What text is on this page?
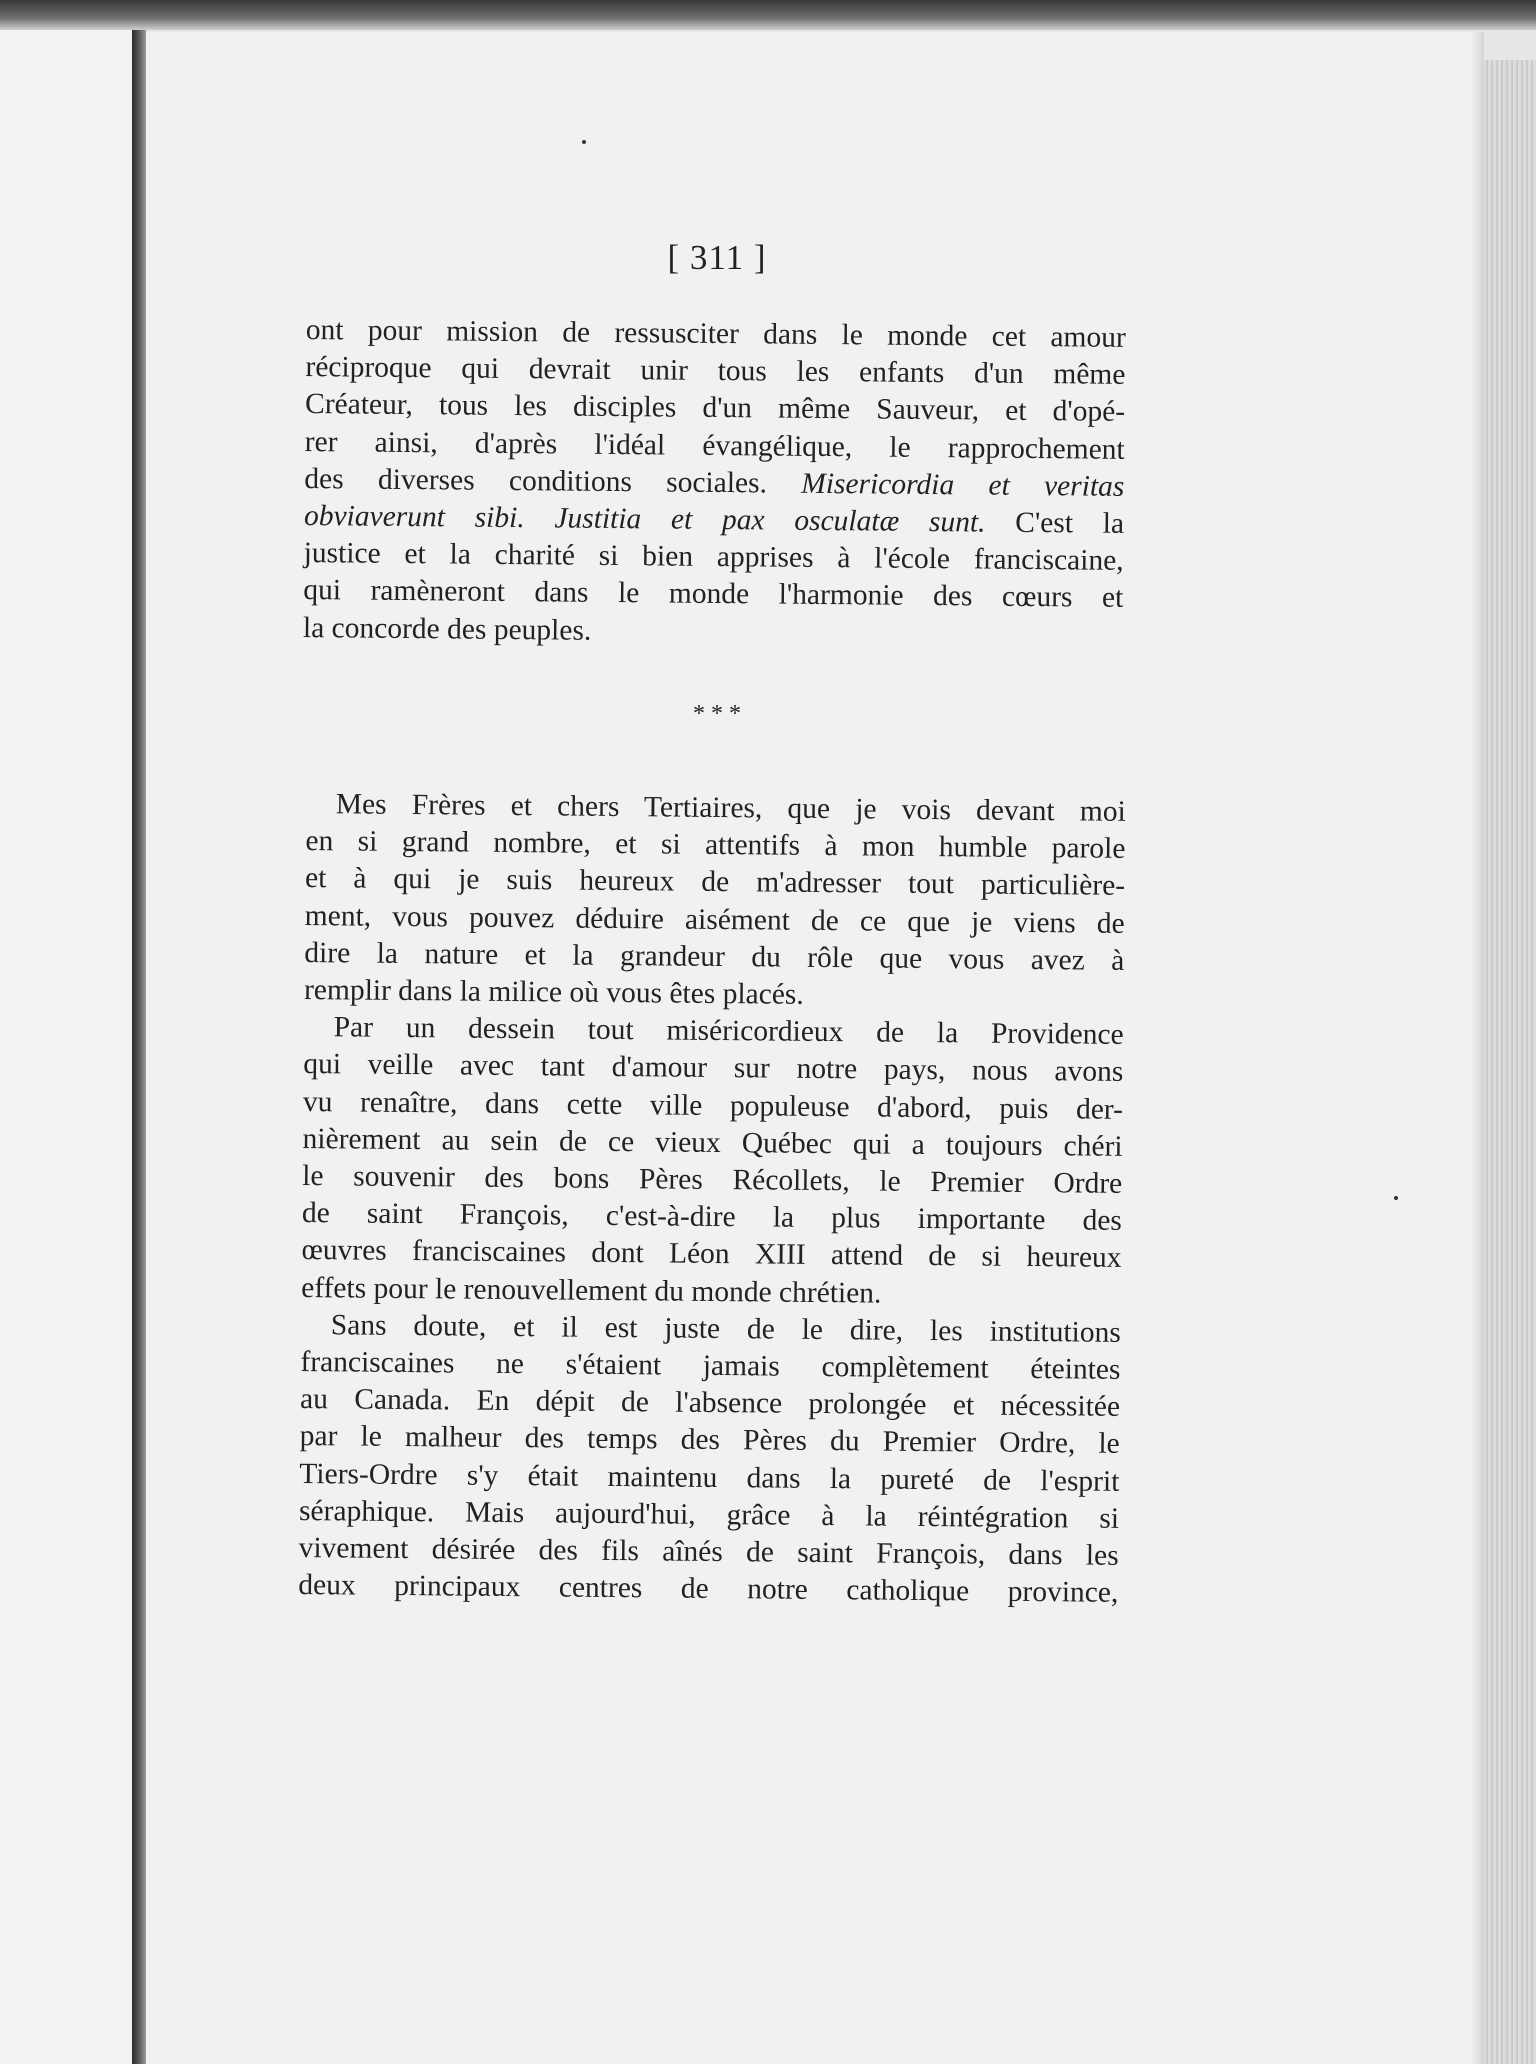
[ 311 ]
ont pour mission de ressusciter dans le monde cet amour
réciproque qui devrait unir tous les enfants d'un même
Créateur, tous les disciples d'un même Sauveur, et d'opé-
rer ainsi, d'après l'idéal évangélique, le rapprochement
des diverses conditions sociales. Misericordia et veritas
obviaverunt sibi. Justitia et pax osculatæ sunt. C'est la
justice et la charité si bien apprises à l'école franciscaine,
qui ramèneront dans le monde l'harmonie des cœurs et
la concorde des peuples.
* * *
Mes Frères et chers Tertiaires, que je vois devant moi
en si grand nombre, et si attentifs à mon humble parole
et à qui je suis heureux de m'adresser tout particulière-
ment, vous pouvez déduire aisément de ce que je viens de
dire la nature et la grandeur du rôle que vous avez à
remplir dans la milice où vous êtes placés.
Par un dessein tout miséricordieux de la Providence
qui veille avec tant d'amour sur notre pays, nous avons
vu renaître, dans cette ville populeuse d'abord, puis der-
nièrement au sein de ce vieux Québec qui a toujours chéri
le souvenir des bons Pères Récollets, le Premier Ordre
de saint François, c'est-à-dire la plus importante des
œuvres franciscaines dont Léon XIII attend de si heureux
effets pour le renouvellement du monde chrétien.
Sans doute, et il est juste de le dire, les institutions
franciscaines ne s'étaient jamais complètement éteintes
au Canada. En dépit de l'absence prolongée et nécessitée
par le malheur des temps des Pères du Premier Ordre, le
Tiers-Ordre s'y était maintenu dans la pureté de l'esprit
séraphique. Mais aujourd'hui, grâce à la réintégration si
vivement désirée des fils aînés de saint François, dans les
deux principaux centres de notre catholique province,
